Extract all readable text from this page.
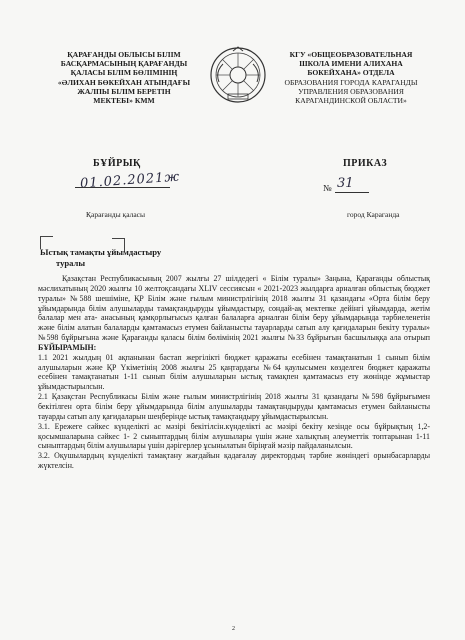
ҚАРАҒАНДЫ ОБЛЫСЫ БІЛІМ
БАСҚАРМАСЫНЫҢ ҚАРАҒАНДЫ
ҚАЛАСЫ БІЛІМ БӨЛІМІНІҢ
«ӘЛИХАН БӨКЕЙХАН АТЫНДАҒЫ
ЖАЛПЫ БІЛІМ БЕРЕТІН
МЕКТЕБІ» КММ
КГУ «ОБЩЕОБРАЗОВАТЕЛЬНАЯ
ШКОЛА ИМЕНИ АЛИХАНА
БОКЕЙХАНА» ОТДЕЛА
ОБРАЗОВАНИЯ ГОРОДА КАРАГАНДЫ
УПРАВЛЕНИЯ ОБРАЗОВАНИЯ
КАРАГАНДИНСКОЙ ОБЛАСТИ»
БҰЙРЫҚ	ПРИКАЗ
01.02.2021ж	№ 31
Қарағанды қаласы	город Караганда
Ыстық тамақты ұйымдастыру
туралы

Қазақстан Республикасының 2007 жылғы 27 шілдедегі « Білім туралы» Заңына, Қарағанды облыстық мәслихатының 2020 жылғы 10 желтоқсандағы XLIV сессиясын « 2021-2023 жылдарға арналған облыстық бюджет туралы» №588 шешіміне, ҚР Білім және ғылым министрлігінің 2018 жылғы 31 қазандағы «Орта білім беру ұйымдарында білім алушыларды тамақтандыруды ұйымдастыру, сондай-ақ мектепке дейінгі ұйымдарда, жетім балалар мен ата- анасының қамқорлығысыз қалған балаларға арналған білім беру ұйымдарында тәрбиеленетін және білім алатын балаларды қамтамасыз етумен байланысты тауарларды сатып алу қағидаларын бекіту туралы» №598 бұйрығына және Қарағанды қаласы білім бөлімінің 2021 жылғы №33 бұйрығын басшылыққа ала отырып БҰЙЫРАМЫН:

1.1 2021 жылдың 01 ақпанынан бастап жергілікті бюджет қаражаты есебінен тамақтанатын 1 сынып білім алушыларын және ҚР Үкіметінің 2008 жылғы 25 қаңтардағы №64 қаулысымен көзделген бюджет қаражаты есебінен тамақтанатын 1-11 сынып білім алушыларын ыстық тамақпен қамтамасыз ету жөнінде жұмыстар ұйымдастырылсын.

2.1 Қазақстан Республикасы Білім және ғылым министрлігінің 2018 жылғы 31 қазандағы №598 бұйрығымен бекітілген орта білім беру ұйымдарында білім алушыларды тамақтандыруды қамтамасыз етумен байланысты тауарды сатып алу қағидаларын шеңберінде ыстық тамақтандыру ұйымдастырылсын.

3.1. Ережеге сәйкес күнделікті ас мәзірі бекітілсін.күнделікті ас мәзірі бекіту кезінде осы бұйрықтың 1,2- қосымшаларына сәйкес 1- 2 сыныптардың білім алушылары үшін және халықтың әлеуметтік топтарынан 1-11 сыныптардың білім алушылары үшін дәрігерлер ұсынылатын біріңғай мәзір пайдаланылсын.

3.2. Оқушылардың күнделікті тамақтану жағдайын қадағалау директордың тәрбие жөніндегі орынбасарларды жүктелсін.

2
